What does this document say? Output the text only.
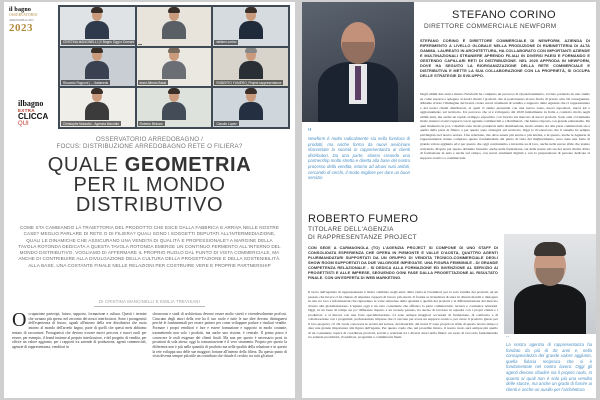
il bagno
OSSERVATORIO
ARREDOBAGNO
2023
CRISTINA MANCINELLI | Il Bagno Oggi e Domani	stefano corino
Riccardo Rognoni | ... Italianeds	team Alfredo Bassi	ROBERTO FUMERO_Project rappresentanze
Christophe Marzotto - Agenzia Marzotto	Roberto Belcaro	Claudio Lopez
ilbagno
EXTRA
CLICCA
QUI
OSSERVATORIO ARREDOBAGNO /
FOCUS: DISTRIBUZIONE ARREDOBAGNO RETE O FILIERA?
QUALE GEOMETRIA
PER IL MONDO
DISTRIBUTIVO

COME STA CAMBIANDO LA TRAIETTORIA DEL PRODOTTO CHE ESCE DALLA FABBRICA E ARRIVA NELLE NOSTRE CASE? MEGLIO PARLARE DI RETE O DI FILIERA? QUALI SONO I SOGGETTI DEPUTATI ALL'INTERMEDIAZIONE, QUALI LE DINAMICHE CHE ASSICURANO UNA VENDITA DI QUALITÀ E PROFESSIONALE? A MARGINE DELLA TAVOLA ROTONDA DEDICATA A QUESTA TAVOLA ROTONDA EMERGE UN CONTINUO FERMENTO ALL'INTERNO DEL MONDO DISTRIBUTIVO. VOGLIAMO DI AFFERMARE IL PROPRIO RUOLO DAL PUNTO DI VISTA COMMERCIALE, MA ANCHE DI CONTRIBUIRE ALLA DIVULGAZIONE DELLA CULTURA DELLA PROGETTAZIONE E DELLA SOSTENIBILITÀ. ALLA BASE, UNA COSTANTE FINALE NELLE RELAZIONI PER COSTRUIRE VERE E PROPRIE PARTNERSHIP

DI CRISTINA MANCINELLI E EMILIA TREVISANI
Occupazione partecipi, futuro, supporto, formazione e cultura. Questi i termini che tornano più spesso nel racconto dei nostri interlocutori. Sono i protagonisti dell'esperienza di lavoro, uguali all'interno della rete distributiva che ruota intorno al mondo dell'arredo bagno, parte di quelli che questi mesi abbiamo tentato di raccontare. Protagonisti che devono trovare nuovi percorsi e nuovi ruoli per essere, per esempio, il brand insieme al proprio interlocutore, e del progetto di vendita, per offrire un valore aggiunto, per i rapporti tra aziende di produzione, agenti commerciali, agenzie di rappresentanza, venditori in
showroom e studi di architettura devono essere molto stretti e vicendevolmente proficui. Ciascuno degli attori della rete ha il suo ruolo e tutte le sue idee devono distinguersi perché le fondamentali per essere partner per come sviluppare parlare e risultati vendite. Formare i propri venditori e fare e essere formazione e supporto in modo costante, trasmettendo non solo i prodotti, ma anche una visione, è centrale. Il primo passo è conoscere le reali esigenze dei clienti finali. Ma non per questo è necessario porsi in posizioni di sola attesa: oggi la comunicazione è il vero strumento. Proprio per questo la differenza non è più nella quantità di prodotto ma nella qualità della relazione e in questo la rete sviluppa una delle sue maggiori fortune all'interno della filiera. Da questo punto di vista diventa sempre più utile un contributo che chiude il cerchio tra tutti gli attori.
STEFANO CORINO
DIRETTORE COMMERCIALE NEWFORM

STEFANO CORINO È DIRETTORE COMMERCIALE DI NEWFORM, AZIENDA DI RIFERIMENTO A LIVELLO GLOBALE NELLA PRODUZIONE DI RUBINETTERIA DI ALTA GAMMA. LAUREATO IN ARCHITETTURA, HA COLLABORATO CON IMPORTANTI AZIENDE E MULTINAZIONALI STRANIERE APRENDO FILIALI IN DIVERSI PAESI E FORMANDO E GESTENDO CAPILLARI RETI DI DISTRIBUZIONE. NEL 2020 APPRODA IN NEWFORM, DOVE HA SEGUITO LA RIORGANIZZAZIONE DELLA RETE COMMERCIALE E DISTRIBUTIVA E METTE LA SUA COLLABORAZIONE CON LA PROPRIETÀ, SI OCCUPA DELLE STRATEGIE DI SVILUPPO.

“ Newform è molto radicalmente sia nella fornitura di prodotti, ma anche forma da nuovi avvicinare sfaccettate la società in rappresentanza ai clienti distributori. Da una parte, stiamo creando una partnership molto stretta e diretta alla base del nostro processo della vendita, intorno ad alcuni suoi ambiti, cercando di cerchi, il modo migliore per dare un buon servizio

Negli ultimi due anni e mezzo Newform ha compiuto un percorso di riposizionamento, avviato partendo da uno studio su come esporre e spiegare ai nostri clienti i prodotti, che si posizionano in una fascia di prezzo alta. Di conseguenza, abbiamo rivisto l'immagine del brand, creato nuovi strumenti di vendita e supporto dalle Agenzie che ci rappresentano e dei nostri clienti distributori, ai quali ci siamo presentati con una nuova veste, nuovi espositori, nuovi kit e aggiornamento sul territorio. Un percorso che si è sviluppato dal 2020 inizialmente in Italia e condotto molto negli ultimi anni, ma anche un rapido sviluppo espositivo con l'uscita sul mercato di nuovi prodotti. Sono stati ovviamente molto intensi i nostri rapporti con le agenzie commerciali e i distributori, che hanno risposto con grande entusiasmo. Da quel momento in poi, i risultati sono molto ponderati nella distribuzione, molto attento sia alla parte commerciale sia a quella della parte di filiera: e per questo sono strategici sul territorio. Oggi lo riconoscono che il sistema ha sempre privilegiato nel nostro settore. Una relazione, che deve essere più stretta e più attenta, e in questo, anche le Agenzie di rappresentanza, hanno compreso questo fondamentale dal punto di vista del miglioramento, sono state una fonte di grande valore aggiunto ed è per questo che oggi continuiamo a investire su di loro, anche nelle nuove sfide che stanno arrivando. Proprio per questo abbiamo investito anche nella formazione, sia delle nostre reti sia dei nostri clienti. Parlo di formazione in aula e anche sul campo, con nuovi strumenti digitali e con la preparazione di persone dedicate al supporto tecnico e commerciale.

ROBERTO FUMERO
TITOLARE DELL'AGENZIA
DI RAPPRESENTANZE PROJECT

CON SEDE A CARMAGNOLA (TO) L'AGENZIA PROJECT SI COMPONE DI UNO STAFF DI CONSOLIDATA ESPERIENZA CHE OPERA IN PIEMONTE E VALLE D'AOSTA, QUATTRO AGENTI PLURIMANDATARI SUPPORTATI DA UN GRUPPO DI VENDITA TECNICO-COMMERCIALE DEGLI SHOW ROOM SUPPORTATI DA DUE VALOROSE IMPIEGATE. UNA FIGURA FEMMINILE - DI GRANDE COMPETENZA RELAZIONALE - SI DEDICA ALLA FORMAZIONE ED INVENZIONE AL SERVIZIO AI PROGETTISTI E ALLE IMPRESE, SEGUENDO OGNI FASE DALLA PROGETTAZIONE AL RISULTATO FINALE. CON UN'ESPERTA DI WEB MARKETING.

Il ruolo dell'agenzia di rappresentanza è molto cambiato negli anni: dalla visita ai rivenditori per la sola vendita dei prodotti, ad un passato che invece ci ha chiesto di stipulare rapporti di lavoro più stretti. Il fornire ai rivenditori di stare in diversi marchi e dialogare in rete tra loro e informazioni che riguardano le varie referenze della quantità e qualità dei prodotti e la differenziazione del mercato dovuta alla globalizzazione. L'agente oggi è un vero consulente che affianca la parte commerciale, tecnica e costruisce relazioni. Oggi, in un lasso di tempo un po' differente rispetto a un recente passato, ha deciso di lavorare in squadra con i propri clienti e i produttori, e si muove con una forte specializzazione. Ci sono sempre maggiori occasioni di formazione, di confronto e di collaborazione con i progettisti, professionisti, imprese che ci cercano per avere un supporto tecnico, per avere il prodotto giusto per il loro progetto; c'è chi vuole conoscere le novità del settore, dei materiali, dei trend. E sono proprio le sfide di questo nostro tempo a dare una grande importanza alla figura dell'agente. Per questo credo che, nel prossimo futuro, il nostro ruolo sarà sempre più quello di un consulente capace di coordinare prodotti, servizi e relazioni tra i diversi attori della filiera: un ruolo di raccordo fondamentale tra aziende produttrici, rivenditori, progettisti e committenti finali.

“ La nostra agenzia di rappresentanza ha fondato da più di 30 anni e, nella consapevolezza del grande valore aggiunto, quella fiducia reciproca che si è fondamentale nel nostro lavoro. Oggi gli agenti devono ribadire sia il proprio ruolo, in quanto ai quali non è solo più una vendita delle stanze, ma anche un grado di fornire ai clienti e anche un ausilio per l'architettura
